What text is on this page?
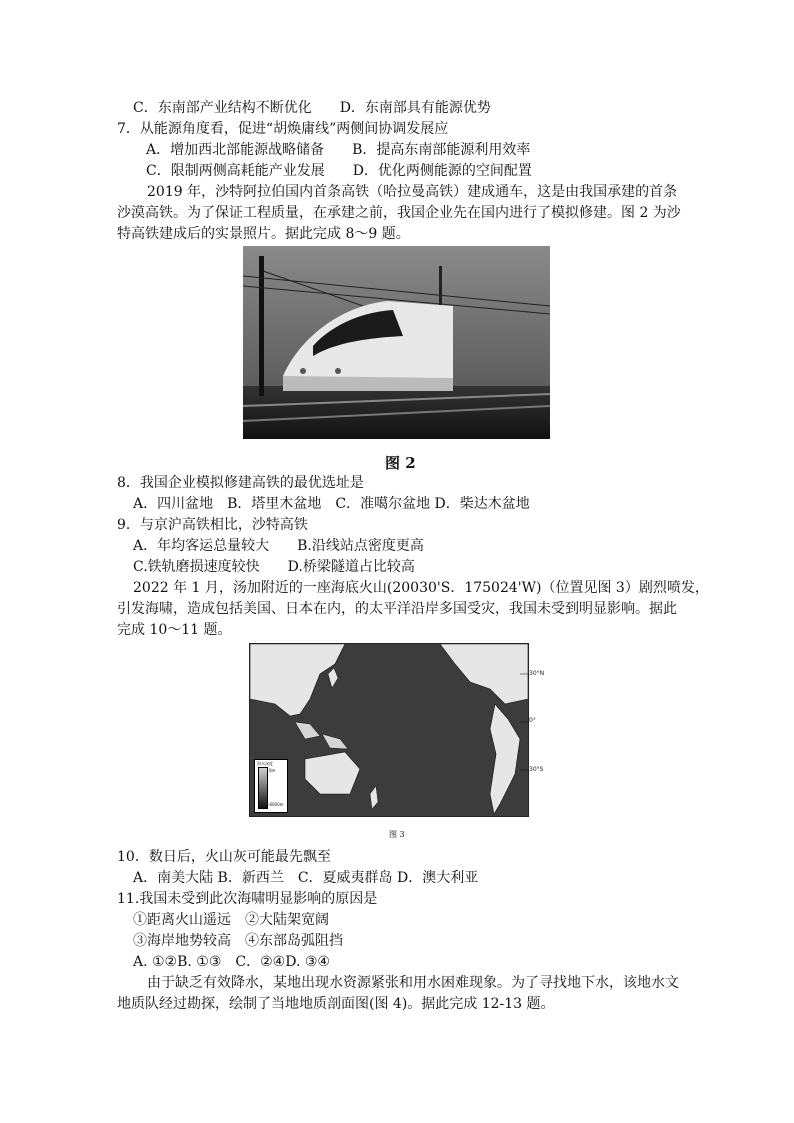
C．东南部产业结构不断优化　　D．东南部具有能源优势
7．从能源角度看，促进“胡焕庸线”两侧间协调发展应
A．增加西北部能源战略储备　　B．提高东南部能源利用效率
C．限制两侧高耗能产业发展　　D．优化两侧能源的空间配置
2019 年，沙特阿拉伯国内首条高铁（哈拉曼高铁）建成通车，这是由我国承建的首条
沙漠高铁。为了保证工程质量，在承建之前，我国企业先在国内进行了模拟修建。图 2 为沙
特高铁建成后的实景照片。据此完成 8～9 题。
图 2
8．我国企业模拟修建高铁的最优选址是
A．四川盆地　B．塔里木盆地　C．准噶尔盆地 D．柴达木盆地
9．与京沪高铁相比，沙特高铁
A．年均客运总量较大　　B.沿线站点密度更高
C.铁轨磨损速度较快　　D.桥梁隧道占比较高
2022 年 1 月，汤加附近的一座海底火山(20030'S．175024'W)（位置见图 3）剧烈喷发，
引发海啸，造成包括美国、日本在内，的太平洋沿岸多国受灾，我国未受到明显影响。据此
完成 10～11 题。
海水深度
0m
-6000m
30°N
0°
30°S
图 3
10．数日后，火山灰可能最先飘至
A．南美大陆 B．新西兰　C．夏威夷群岛 D．澳大利亚
11.我国未受到此次海啸明显影响的原因是
①距离火山遥远　②大陆架宽阔
③海岸地势较高　④东部岛弧阻挡
A. ①②B. ①③　C．②④D. ③④
由于缺乏有效降水，某地出现水资源紧张和用水困难现象。为了寻找地下水，该地水文
地质队经过勘探，绘制了当地地质剖面图(图 4)。据此完成 12-13 题。
